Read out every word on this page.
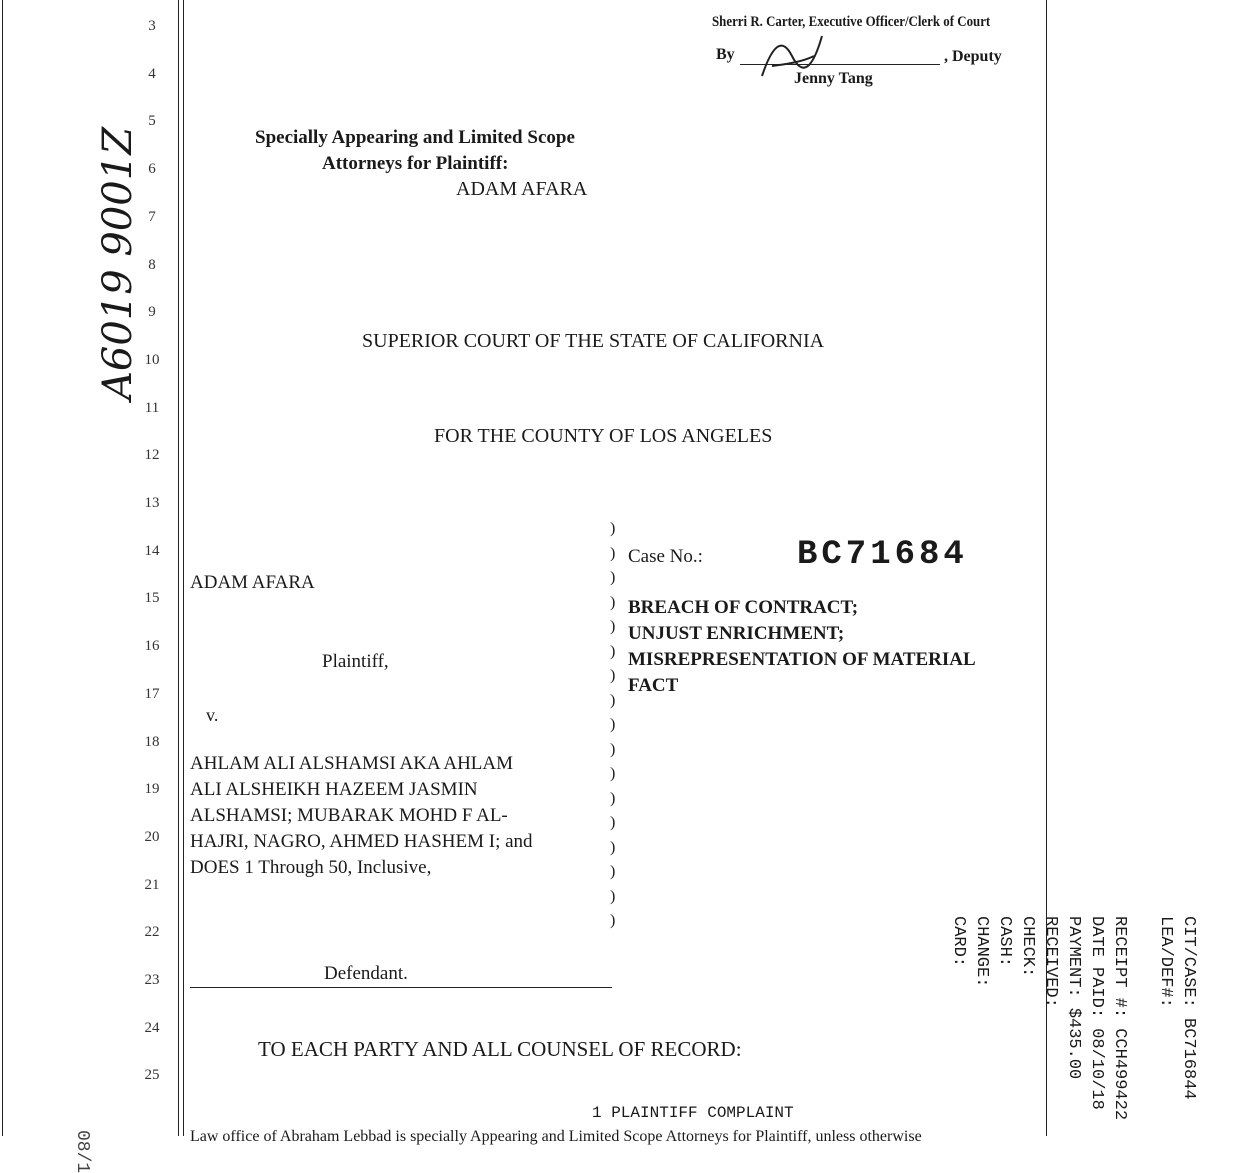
3
4
5
6
7
8
9
10
11
12
13
14
15
16
17
18
19
20
21
22
23
24
25
Sherri R. Carter, Executive Officer/Clerk of Court
By	, Deputy
Jenny Tang
A6019 9001Z	Specially Appearing and Limited Scope
Attorneys for Plaintiff:
ADAM AFARA
SUPERIOR COURT OF THE STATE OF CALIFORNIA
FOR THE COUNTY OF LOS ANGELES
)
)
)
)
)
)
)
)
)
)
)
)
)
)
)
)
)
ADAM AFARA
Plaintiff,
v.
AHLAM ALI ALSHAMSI AKA AHLAM
ALI ALSHEIKH HAZEEM JASMIN
ALSHAMSI; MUBARAK MOHD F AL-
HAJRI, NAGRO, AHMED HASHEM I; and
DOES 1 Through 50, Inclusive,
Defendant.
Case No.:	BC71684
BREACH OF CONTRACT;
UNJUST ENRICHMENT;
MISREPRESENTATION OF MATERIAL
FACT
TO EACH PARTY AND ALL COUNSEL OF RECORD:
1 PLAINTIFF COMPLAINT
Law office of Abraham Lebbad is specially Appearing and Limited Scope Attorneys for Plaintiff, unless otherwise
CIT/CASE: BC716844
LEA/DEF#:
RECEIPT #: CCH499422
DATE PAID: 08/10/18
PAYMENT: $435.00
RECEIVED:
CHECK:
CASH:
CHANGE:
CARD:
08/1
